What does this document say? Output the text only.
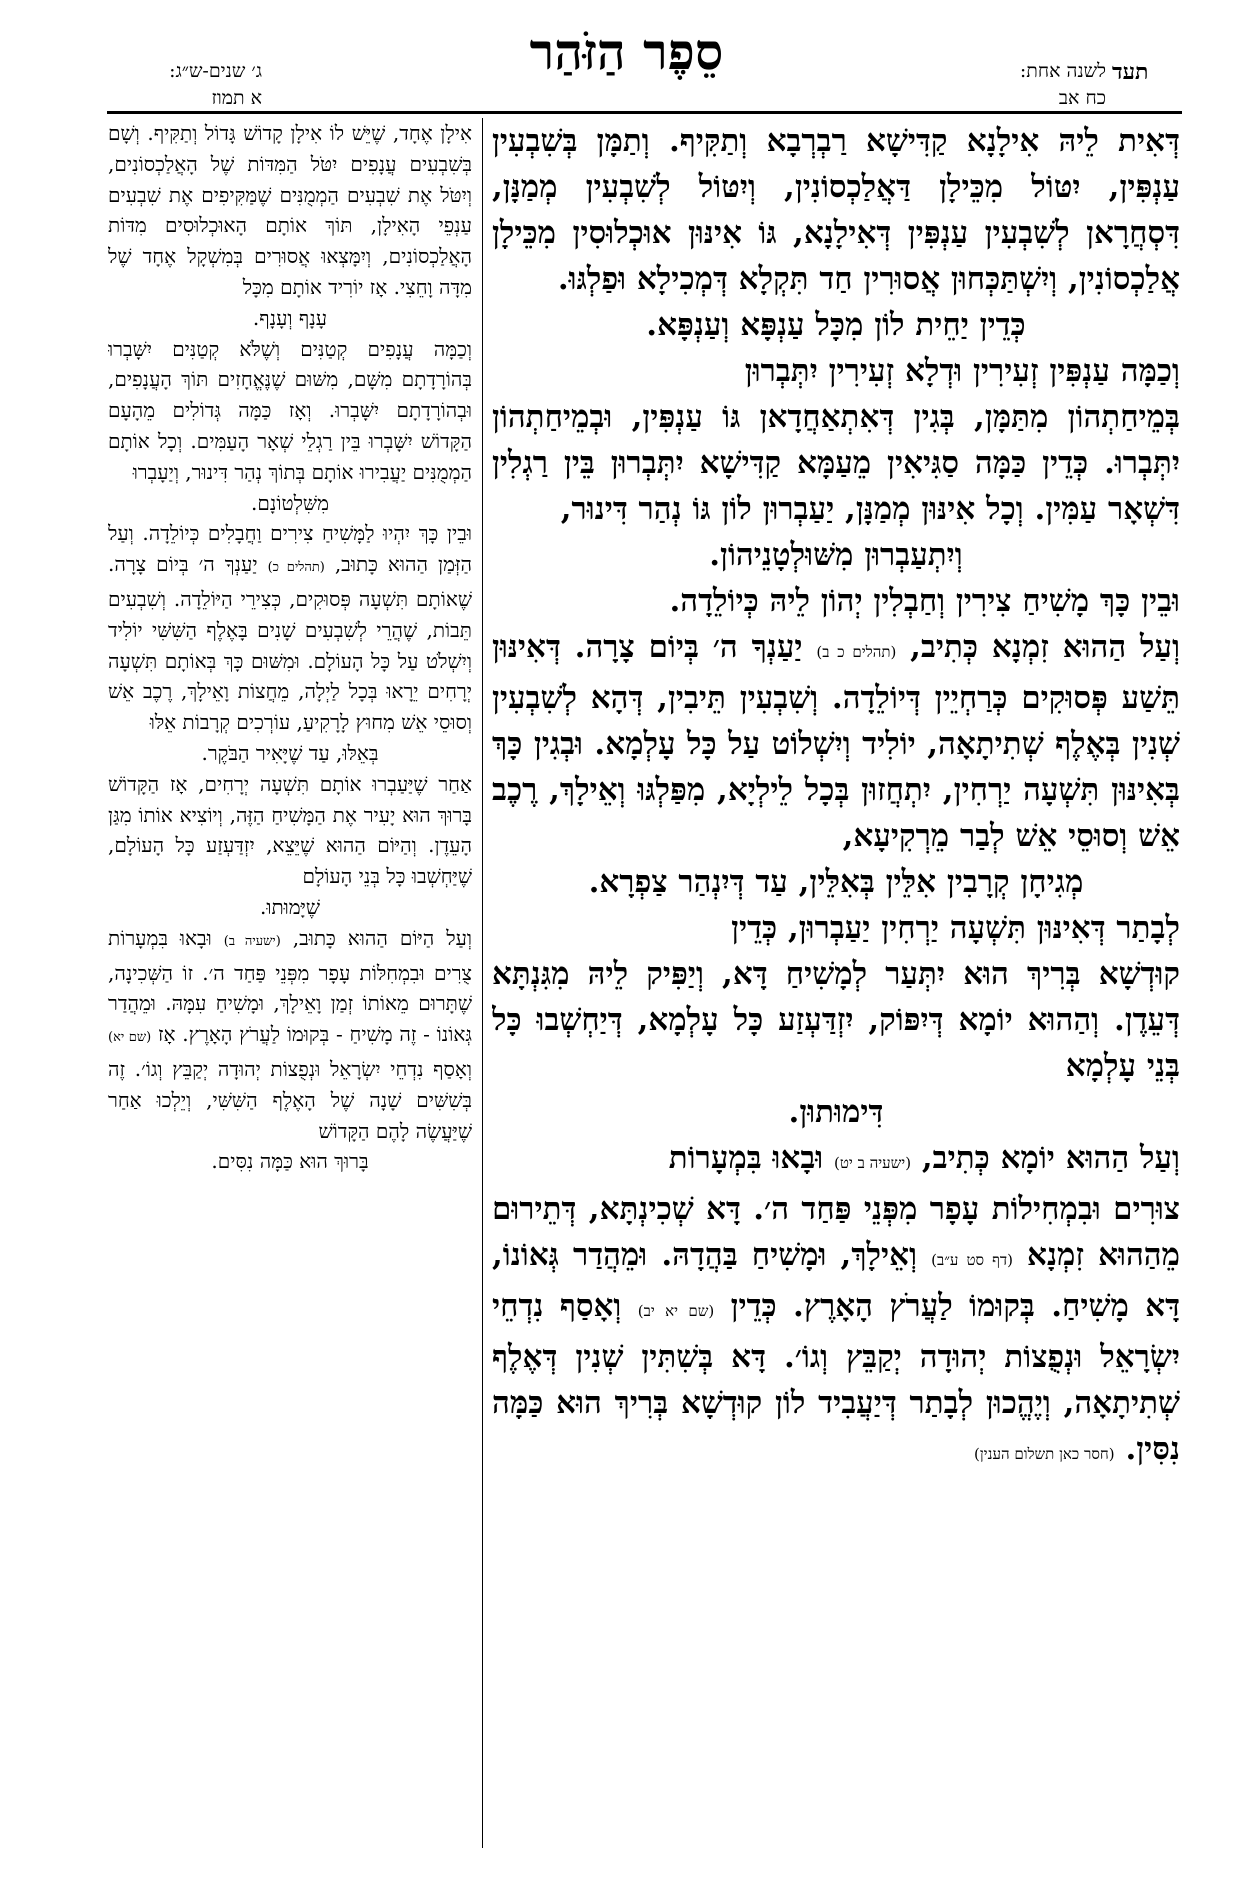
ג׳ שנים-ש״ג:
א תמוז
סֵפֶר הַזֹּהַר	לשנה אחת:
כח אב
תעד

דְּאִית לֵיהּ אִילָנָא קַדִּישָׁא רַבְרְבָא וְתַקִּיף. וְתַמָּן בְּשִׁבְעִין עַנְפִּין, יִטּוֹל מִכֵּילָן דַּאֲלַכְסוֹנִין, וְיִטּוֹל לְשִׁבְעִין מְמַנָּן, דִּסְחֲרָאן לְשִׁבְעִין עַנְפִּין דְּאִילָנָא, גּוֹ אִינּוּן אוּכְלוּסִין מִכֵּילָן אֲלַכְסוֹנִין, וְיִשְׁתַּכְּחוּן אֲסוּרִין חַד תִּקְלָא דְּמְכִילָא וּפַלְגּוּ.

כְּדֵין יַחֵית לוֹן מִכָּל עַנְפָּא וְעַנְפָּא.

וְכַמָּה עַנְפִּין זְעִירִין וּדְלָא זְעִירִין יִתְּבְרוּן

בְּמֵיחַתְהוֹן מִתַּמָּן, בְּגִין דְּאִתְאַחֲדָאן גּוֹ עַנְפִּין, וּבְמֵיחַתְהוֹן יִתְּבְרוּ. כְּדֵין כַּמָּה סַגִּיאִין מֵעַמָּא קַדִּישָׁא יִתְּבְרוּן בֵּין רַגְלִין דִּשְׁאָר עַמִּין. וְכָל אִינּוּן מְמַנָּן, יַעַבְרוּן לוֹן גּוֹ נְהַר דִּינוּר,

וְיִתְעַבְרוּן מִשּׁוּלְטָנֵיהוֹן.

וּבֵין כָּךְ מָשִׁיחַ צִירִין וְחַבְלִין יְהוֹן לֵיהּ כְּיוֹלֵדָה.

וְעַל הַהוּא זִמְנָא כְּתִיב, (תהלים כ ב) יַעַנְךָ ה׳ בְּיוֹם צָרָה. דְּאִינּוּן תֵּשַׁע פְּסוּקִים כְּרַחְיֵין דְּיוֹלֵדָה. וְשִׁבְעִין תֵּיבִין, דְּהָא לְשִׁבְעִין שְׁנִין בְּאֶלֶף שְׁתִיתָאָה, יוֹלִיד וְיִשְׁלוֹט עַל כָּל עָלְמָא. וּבְגִין כָּךְ בְּאִינּוּן תִּשְׁעָה יַרְחִין, יִתְחֲזוּן בְּכָל לֵילְיָא, מִפַּלְגּוּ וְאֵילָךְ, רֶכֶב אֵשׁ וְסוּסֵי אֵשׁ לְבַר מֵרְקִיעָא,

מְגִיחָן קְרָבִין אִלֵּין בְּאִלֵּין, עַד דְּיִנְהַר צַפְרָא.

לְבָתַר דְּאִינּוּן תִּשְׁעָה יַרְחִין יַעַבְרוּן, כְּדֵין

קוּדְשָׁא בְּרִיךְ הוּא יִתְּעַר לְמָשִׁיחַ דָּא, וְיַפִּיק לֵיהּ מִגִּנְתָּא דְּעֵדֶן. וְהַהוּא יוֹמָא דְּיִפּוֹק, יִזְדַּעְזַע כָּל עָלְמָא, דְּיַחְשְׁבוּ כָּל בְּנֵי עָלְמָא

דִּימוּתוּן.

וְעַל הַהוּא יוֹמָא כְּתִיב, (ישעיה ב יט) וּבָאוּ בִּמְעָרוֹת

צוּרִים וּבִמְחִילוֹת עָפָר מִפְּנֵי פַּחַד ה׳. דָּא שְׁכִינְתָּא, דְּתֵירוּם מֵהַהוּא זִמְנָא (דף סט ע״ב) וְאֵילָךְ, וּמָשִׁיחַ בַּהֲדָהּ. וּמֵהֲדַר גְּאוֹנוֹ, דָּא מָשִׁיחַ. בְּקוּמוֹ לַעֲרֹץ הָאָרֶץ. כְּדֵין (שם יא יב) וְאָסַף נִדְחֵי יִשְׂרָאֵל וּנְפֻצוֹת יְהוּדָה יְקַבֵּץ וְגוֹ׳. דָּא בְּשִׁתִּין שְׁנִין דְּאֶלֶף שְׁתִיתָאָה, וְיֶהֱכוּן לְבָתַר דְּיַעֲבִיד לוֹן קוּדְשָׁא בְּרִיךְ הוּא כַּמָּה נִסִּין. (חסר כאן תשלום הענין)

אִילָן אֶחָד, שֶׁיֵּשׁ לוֹ אִילָן קָדוֹשׁ גָּדוֹל וְתַקִּיף. וְשָׁם בְּשִׁבְעִים עֲנָפִים יִטֹּל הַמִּדּוֹת שֶׁל הָאֲלַכְסוֹנִים, וְיִטֹּל אֶת שִׁבְעִים הַמְמֻנִּים שֶׁמַּקִּיפִים אֶת שִׁבְעִים עַנְפֵי הָאִילָן, תּוֹךְ אוֹתָם הָאוּכְלוּסִים מִדּוֹת הָאֲלַכְסוֹנִים, וְיִמָּצְאוּ אֲסוּרִים בְּמִשְׁקָל אֶחָד שֶׁל מִדָּה וָחֵצִי. אָז יוֹרִיד אוֹתָם מִכָּל

עָנָף וְעָנָף.

וְכַמָּה עֲנָפִים קְטַנִּים וְשֶׁלֹּא קְטַנִּים יִשָּׁבְרוּ בְּהוֹרָדָתָם מִשָּׁם, מִשּׁוּם שֶׁנֶּאֱחָזִים תּוֹךְ הָעֲנָפִים, וּבְהוֹרָדָתָם יִשָּׁבְרוּ. וְאָז כַּמָּה גְּדוֹלִים מֵהָעָם הַקָּדוֹשׁ יִשָּׁבְרוּ בֵּין רַגְלֵי שְׁאָר הָעַמִּים. וְכָל אוֹתָם הַמְמֻנִּים יַעֲבִירוּ אוֹתָם בְּתוֹךְ נְהַר דִּינוּר, וְיַעָבְרוּ

מִשִּׁלְטוֹנָם.

וּבֵין כָּךְ יִהְיוּ לַמָּשִׁיחַ צִירִים וַחֲבָלִים כְּיוֹלֵדָה. וְעַל הַזְּמַן הַהוּא כָּתוּב, (תהלים כ) יַעַנְךָ ה׳ בְּיוֹם צָרָה. שֶׁאוֹתָם תִּשְׁעָה פְּסוּקִים, כְּצִירֵי הַיּוֹלֵדָה. וְשִׁבְעִים תֵּבוֹת, שֶׁהֲרֵי לְשִׁבְעִים שָׁנִים בָּאֶלֶף הַשִּׁשִּׁי יוֹלִיד וְיִשְׁלֹט עַל כָּל הָעוֹלָם. וּמִשּׁוּם כָּךְ בְּאוֹתָם תִּשְׁעָה יְרָחִים יֵרָאוּ בְּכָל לַיְלָה, מֵחֲצוֹת וָאֵילָךְ, רֶכֶב אֵשׁ וְסוּסֵי אֵשׁ מִחוּץ לָרָקִיעַ, עוֹרְכִים קְרָבוֹת אֵלּוּ

בְּאֵלּוּ, עַד שֶׁיָּאִיר הַבֹּקֶר.

אַחַר שֶׁיַּעַבְרוּ אוֹתָם תִּשְׁעָה יְרָחִים, אָז הַקָּדוֹשׁ בָּרוּךְ הוּא יָעִיר אֶת הַמָּשִׁיחַ הַזֶּה, וְיוֹצִיא אוֹתוֹ מִגַּן הָעֵדֶן. וְהַיּוֹם הַהוּא שֶׁיֵּצֵא, יִזְדַּעְזַע כָּל הָעוֹלָם, שֶׁיַּחְשְׁבוּ כָּל בְּנֵי הָעוֹלָם

שֶׁיָּמוּתוּ.

וְעַל הַיּוֹם הַהוּא כָּתוּב, (ישעיה ב) וּבָאוּ בִּמְעָרוֹת צֻרִים וּבִמְחִלּוֹת עָפָר מִפְּנֵי פַּחַד ה׳. זוֹ הַשְּׁכִינָה, שֶׁתָּרוּם מֵאוֹתוֹ זְמַן וָאֵילָךְ, וּמָשִׁיחַ עִמָּהּ. וּמֵהֲדַר גְּאוֹנוֹ - זֶה מָשִׁיחַ - בְּקוּמוֹ לַעֲרֹץ הָאָרֶץ. אָז (שם יא) וְאָסַף נִדְחֵי יִשְׂרָאֵל וּנְפֻצוֹת יְהוּדָה יְקַבֵּץ וְגוֹ׳. זֶה בְּשִׁשִּׁים שָׁנָה שֶׁל הָאֶלֶף הַשִּׁשִּׁי, וְיֵלְכוּ אַחַר שֶׁיַּעֲשֶׂה לָהֶם הַקָּדוֹשׁ

בָּרוּךְ הוּא כַּמָּה נִסִּים.
